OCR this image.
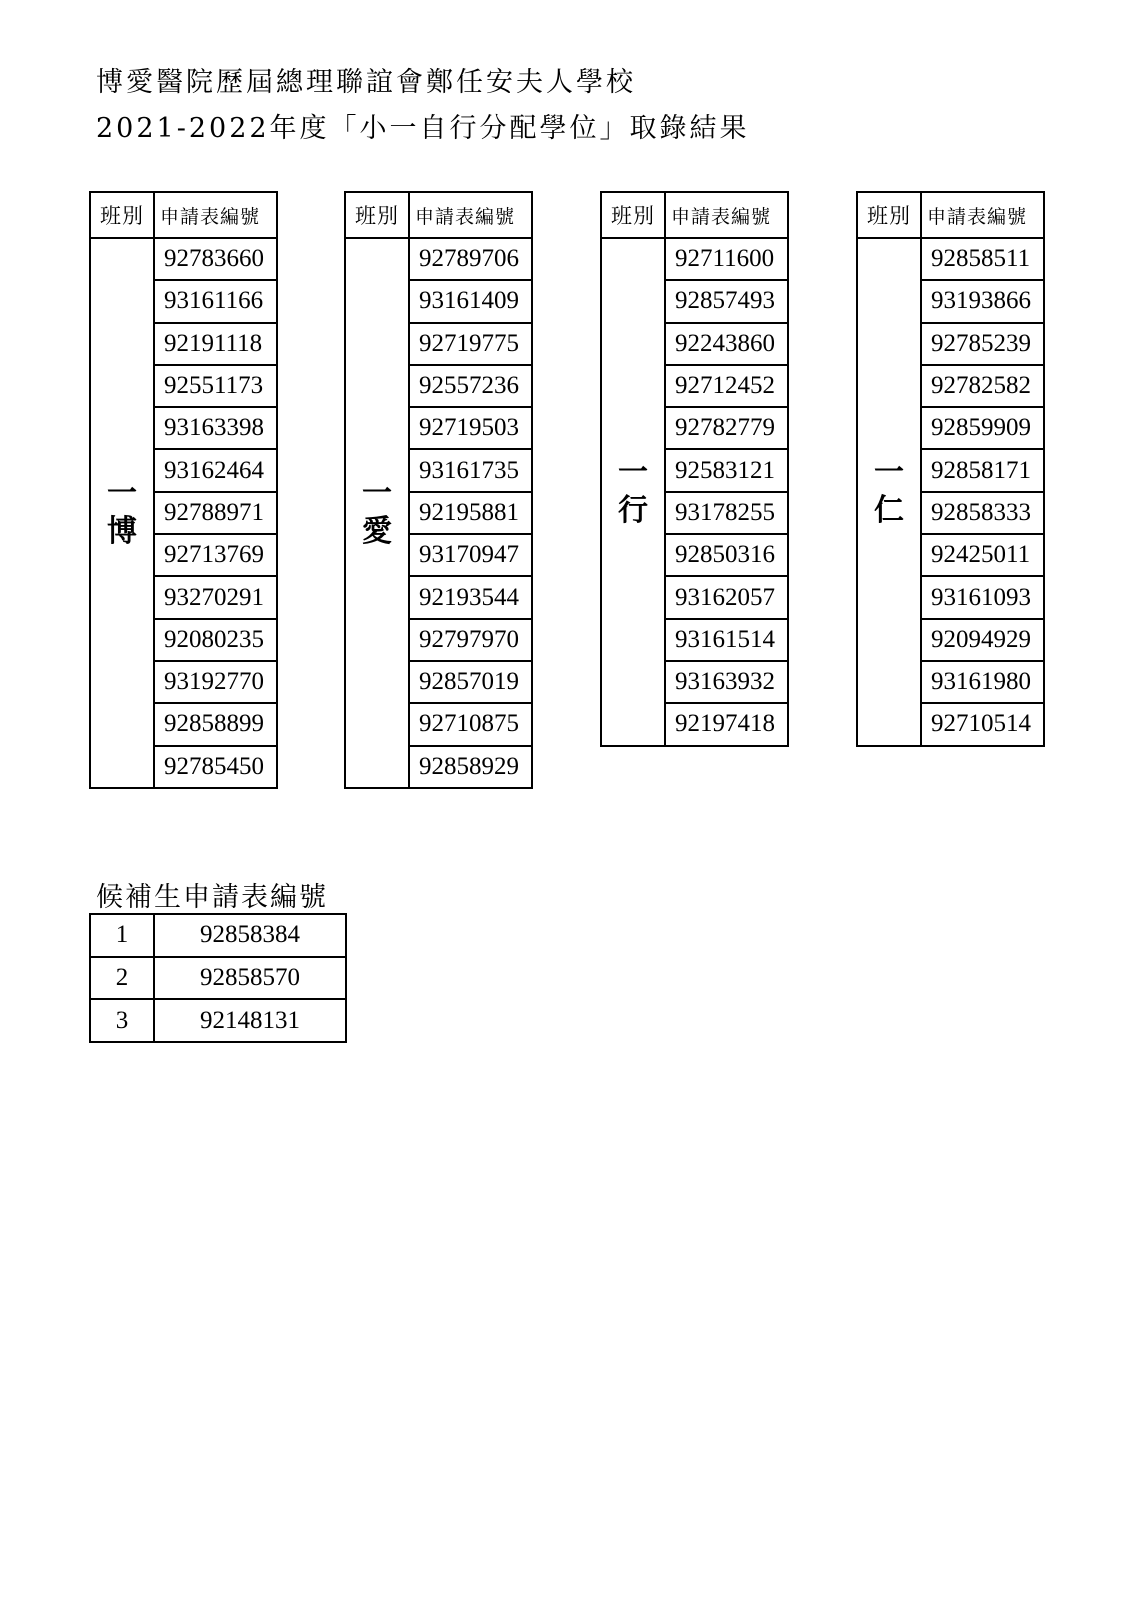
博愛醫院歷屆總理聯誼會鄭任安夫人學校
2021-2022年度「小一自行分配學位」取錄結果
班別	申請表編號
一
博	92783660
	93161166
	92191118
	92551173
	93163398
	93162464
	92788971
	92713769
	93270291
	92080235
	93192770
	92858899
	92785450
班別	申請表編號
一
愛	92789706
	93161409
	92719775
	92557236
	92719503
	93161735
	92195881
	93170947
	92193544
	92797970
	92857019
	92710875
	92858929
班別	申請表編號
一
行	92711600
	92857493
	92243860
	92712452
	92782779
	92583121
	93178255
	92850316
	93162057
	93161514
	93163932
	92197418
班別	申請表編號
一
仁	92858511
	93193866
	92785239
	92782582
	92859909
	92858171
	92858333
	92425011
	93161093
	92094929
	93161980
	92710514
候補生申請表編號
1	92858384
2	92858570
3	92148131
